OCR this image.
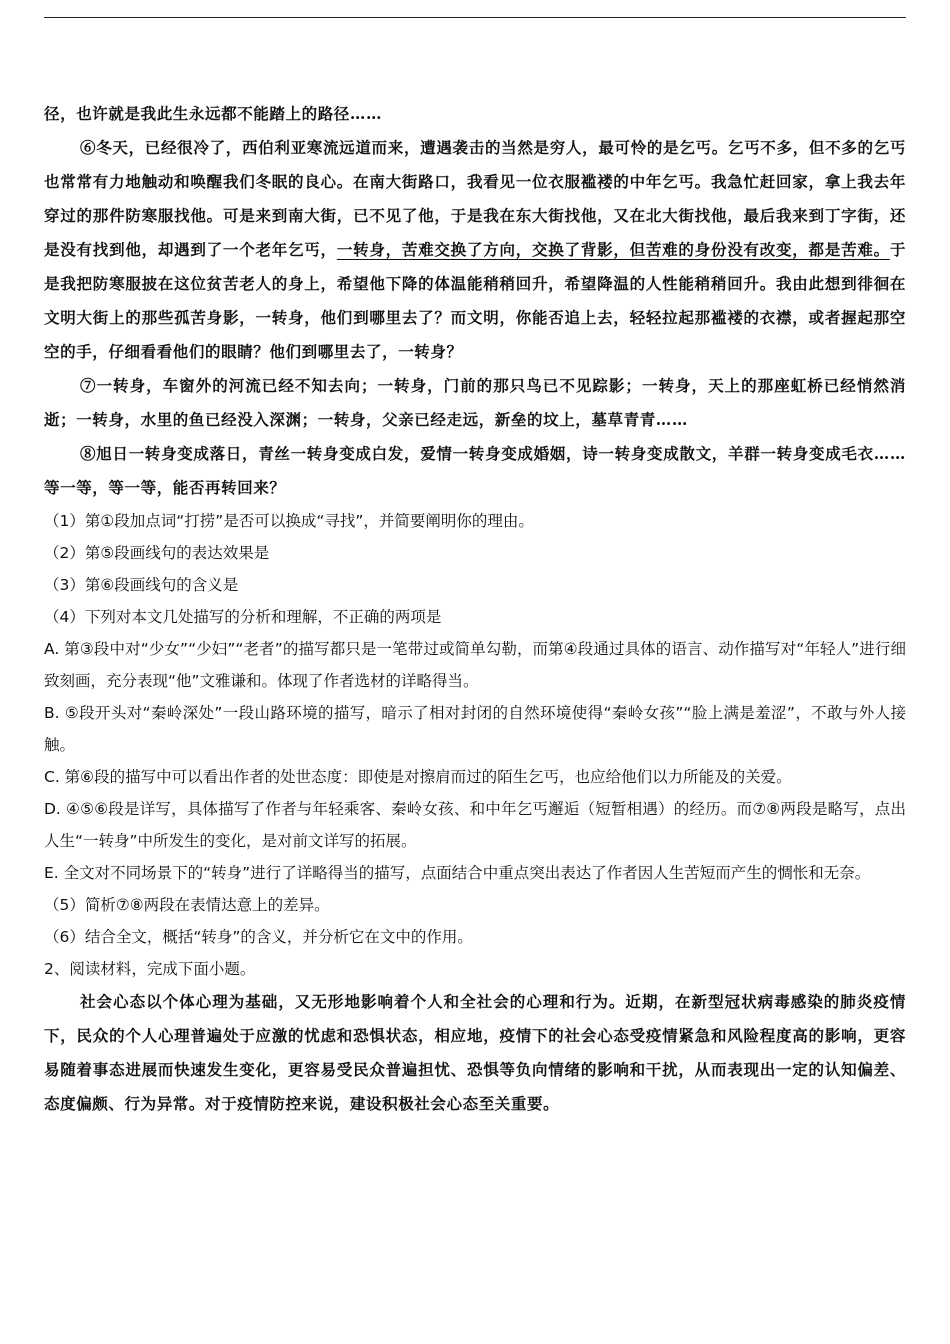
径，也许就是我此生永远都不能踏上的路径……

⑥冬天，已经很冷了，西伯利亚寒流远道而来，遭遇袭击的当然是穷人，最可怜的是乞丐。乞丐不多，但不多的乞丐也常常有力地触动和唤醒我们冬眠的良心。在南大街路口，我看见一位衣服褴褛的中年乞丐。我急忙赶回家，拿上我去年穿过的那件防寒服找他。可是来到南大街，已不见了他，于是我在东大街找他，又在北大街找他，最后我来到丁字街，还是没有找到他，却遇到了一个老年乞丐，一转身，苦难交换了方向，交换了背影，但苦难的身份没有改变，都是苦难。于是我把防寒服披在这位贫苦老人的身上，希望他下降的体温能稍稍回升，希望降温的人性能稍稍回升。我由此想到徘徊在文明大街上的那些孤苦身影，一转身，他们到哪里去了？而文明，你能否追上去，轻轻拉起那褴褛的衣襟，或者握起那空空的手，仔细看看他们的眼睛？他们到哪里去了，一转身？

⑦一转身，车窗外的河流已经不知去向；一转身，门前的那只鸟已不见踪影；一转身，天上的那座虹桥已经悄然消逝；一转身，水里的鱼已经没入深渊；一转身，父亲已经走远，新垒的坟上，墓草青青……

⑧旭日一转身变成落日，青丝一转身变成白发，爱情一转身变成婚姻，诗一转身变成散文，羊群一转身变成毛衣……等一等，等一等，能否再转回来？

（1）第①段加点词“打捞”是否可以换成“寻找”，并简要阐明你的理由。

（2）第⑤段画线句的表达效果是

（3）第⑥段画线句的含义是

（4）下列对本文几处描写的分析和理解，不正确的两项是

A. 第③段中对“少女”“少妇”“老者”的描写都只是一笔带过或简单勾勒，而第④段通过具体的语言、动作描写对“年轻人”进行细致刻画，充分表现“他”文雅谦和。体现了作者选材的详略得当。

B. ⑤段开头对“秦岭深处”一段山路环境的描写，暗示了相对封闭的自然环境使得“秦岭女孩”“脸上满是羞涩”，不敢与外人接触。

C. 第⑥段的描写中可以看出作者的处世态度：即使是对擦肩而过的陌生乞丐，也应给他们以力所能及的关爱。

D. ④⑤⑥段是详写，具体描写了作者与年轻乘客、秦岭女孩、和中年乞丐邂逅（短暂相遇）的经历。而⑦⑧两段是略写，点出人生“一转身”中所发生的变化，是对前文详写的拓展。

E. 全文对不同场景下的“转身”进行了详略得当的描写，点面结合中重点突出表达了作者因人生苦短而产生的惆怅和无奈。

（5）简析⑦⑧两段在表情达意上的差异。

（6）结合全文，概括“转身”的含义，并分析它在文中的作用。

2、阅读材料，完成下面小题。

社会心态以个体心理为基础，又无形地影响着个人和全社会的心理和行为。近期，在新型冠状病毒感染的肺炎疫情下，民众的个人心理普遍处于应激的忧虑和恐惧状态，相应地，疫情下的社会心态受疫情紧急和风险程度高的影响，更容易随着事态进展而快速发生变化，更容易受民众普遍担忧、恐惧等负向情绪的影响和干扰，从而表现出一定的认知偏差、态度偏颇、行为异常。对于疫情防控来说，建设积极社会心态至关重要。
